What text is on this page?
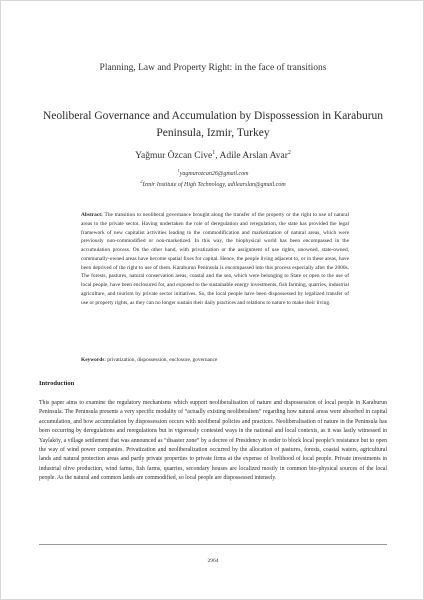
Planning, Law and Property Right: in the face of transitions
Neoliberal Governance and Accumulation by Dispossession in Karaburun Peninsula, Izmir, Turkey
Yağmur Özcan Cive$^1$, Adile Arslan Avar$^2$
$^1$yagmurozcan26@gmail.com
$^2$İzmir Institute of High Technology, adilearslan@gmail.com
Abstract: The transition to neoliberal governance brought along the transfer of the property or the right to use of natural areas to the private sector. Having undertaken the role of deregulation and reregulation, the state has provided the legal framework of new capitalist activities leading to the commodification and marketization of natural areas, which were previously non-commodified or non-marketized. In this way, the biophysical world has been encompassed in the accumulation process. On the other hand, with privatization or the assignment of use rights, unowned, state-owned, communally-owned areas have become spatial fixes for capital. Hence, the people living adjacent to, or in these areas, have been deprived of the right to use of them. Karaburun Peninsula is encompassed into this process especially after the 2000s. The forests, pastures, natural conservation areas, coastal and the sea, which were belonging to State or open to the use of local people, have been enclosured for, and exposed to the sustainable energy investments, fish farming, quarries, industrial agriculture, and tourism by private sector initiatives. So, the local people have been dispossessed by legalized transfer of use or property rights, as they can no longer sustain their daily practices and relations to nature to make their living.
Keywords: privatization, dispossession, enclosure, governance
Introduction
This paper aims to examine the regulatory mechanisms which support neoliberalisation of nature and dispossession of local people in Karaburun Peninsula. The Peninsula presents a very specific modality of “actually existing neoliberalism” regarding how natural areas were absorbed in capital accumulation, and how accumulation by dispossession occurs with neoliberal policies and practices. Neoliberalisation of nature in the Peninsula has been occurring by deregulations and reregulations but in vigorously contested ways in the national and local contexts, as it was lastly witnessed in Yaylaköy, a village settlement that was announced as “disaster zone” by a decree of Presidency in order to block local people’s resistance but to open the way of wind power companies. Privatization and neoliberalization occurred by the allocation of pastures, forests, coastal waters, agricultural lands and natural protection areas and partly private properties to private firms at the expense of livelihood of local people. Private investments in industrial olive production, wind farms, fish farms, quarries, secondary houses are localized mostly in common bio-physical sources of the local people. As the natural and common lands are commodified, so local people are dispossessed intensely.
2964
